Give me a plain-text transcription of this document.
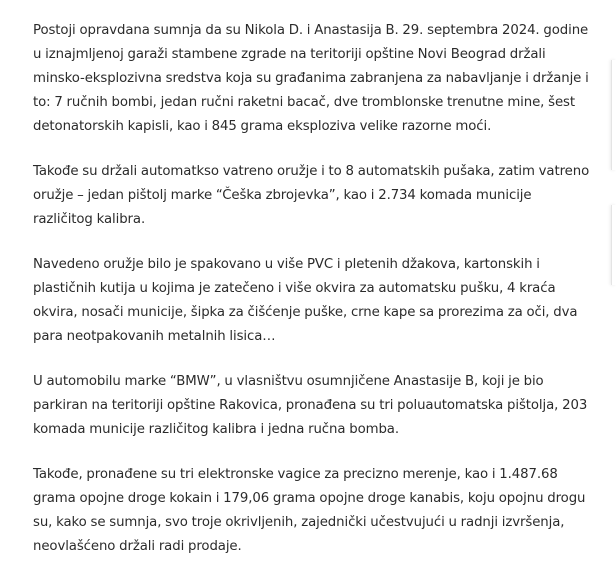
Postoji opravdana sumnja da su Nikola D. i Anastasija B. 29. septembra 2024. godine u iznajmljenoj garaži stambene zgrade na teritoriji opštine Novi Beograd držali minsko-eksplozivna sredstva koja su građanima zabranjena za nabavljanje i držanje i to: 7 ručnih bombi, jedan ručni raketni bacač, dve tromblonske trenutne mine, šest detonatorskih kapisli, kao i 845 grama eksploziva velike razorne moći.

Takođe su držali automatkso vatreno oružje i to 8 automatskih pušaka, zatim vatreno oružje – jedan pištolj marke “Češka zbrojevka”, kao i 2.734 komada municije različitog kalibra.

Navedeno oružje bilo je spakovano u više PVC i pletenih džakova, kartonskih i plastičnih kutija u kojima je zatečeno i više okvira za automatsku pušku, 4 kraća okvira, nosači municije, šipka za čišćenje puške, crne kape sa prorezima za oči, dva para neotpakovanih metalnih lisica…

U automobilu marke “BMW”, u vlasništvu osumnjičene Anastasije B, koji je bio parkiran na teritoriji opštine Rakovica, pronađena su tri poluautomatska pištolja, 203 komada municije različitog kalibra i jedna ručna bomba.

Takođe, pronađene su tri elektronske vagice za precizno merenje, kao i 1.487.68 grama opojne droge kokain i 179,06 grama opojne droge kanabis, koju opojnu drogu su, kako se sumnja, svo troje okrivljenih, zajednički učestvujući u radnji izvršenja, neovlašćeno držali radi prodaje.
